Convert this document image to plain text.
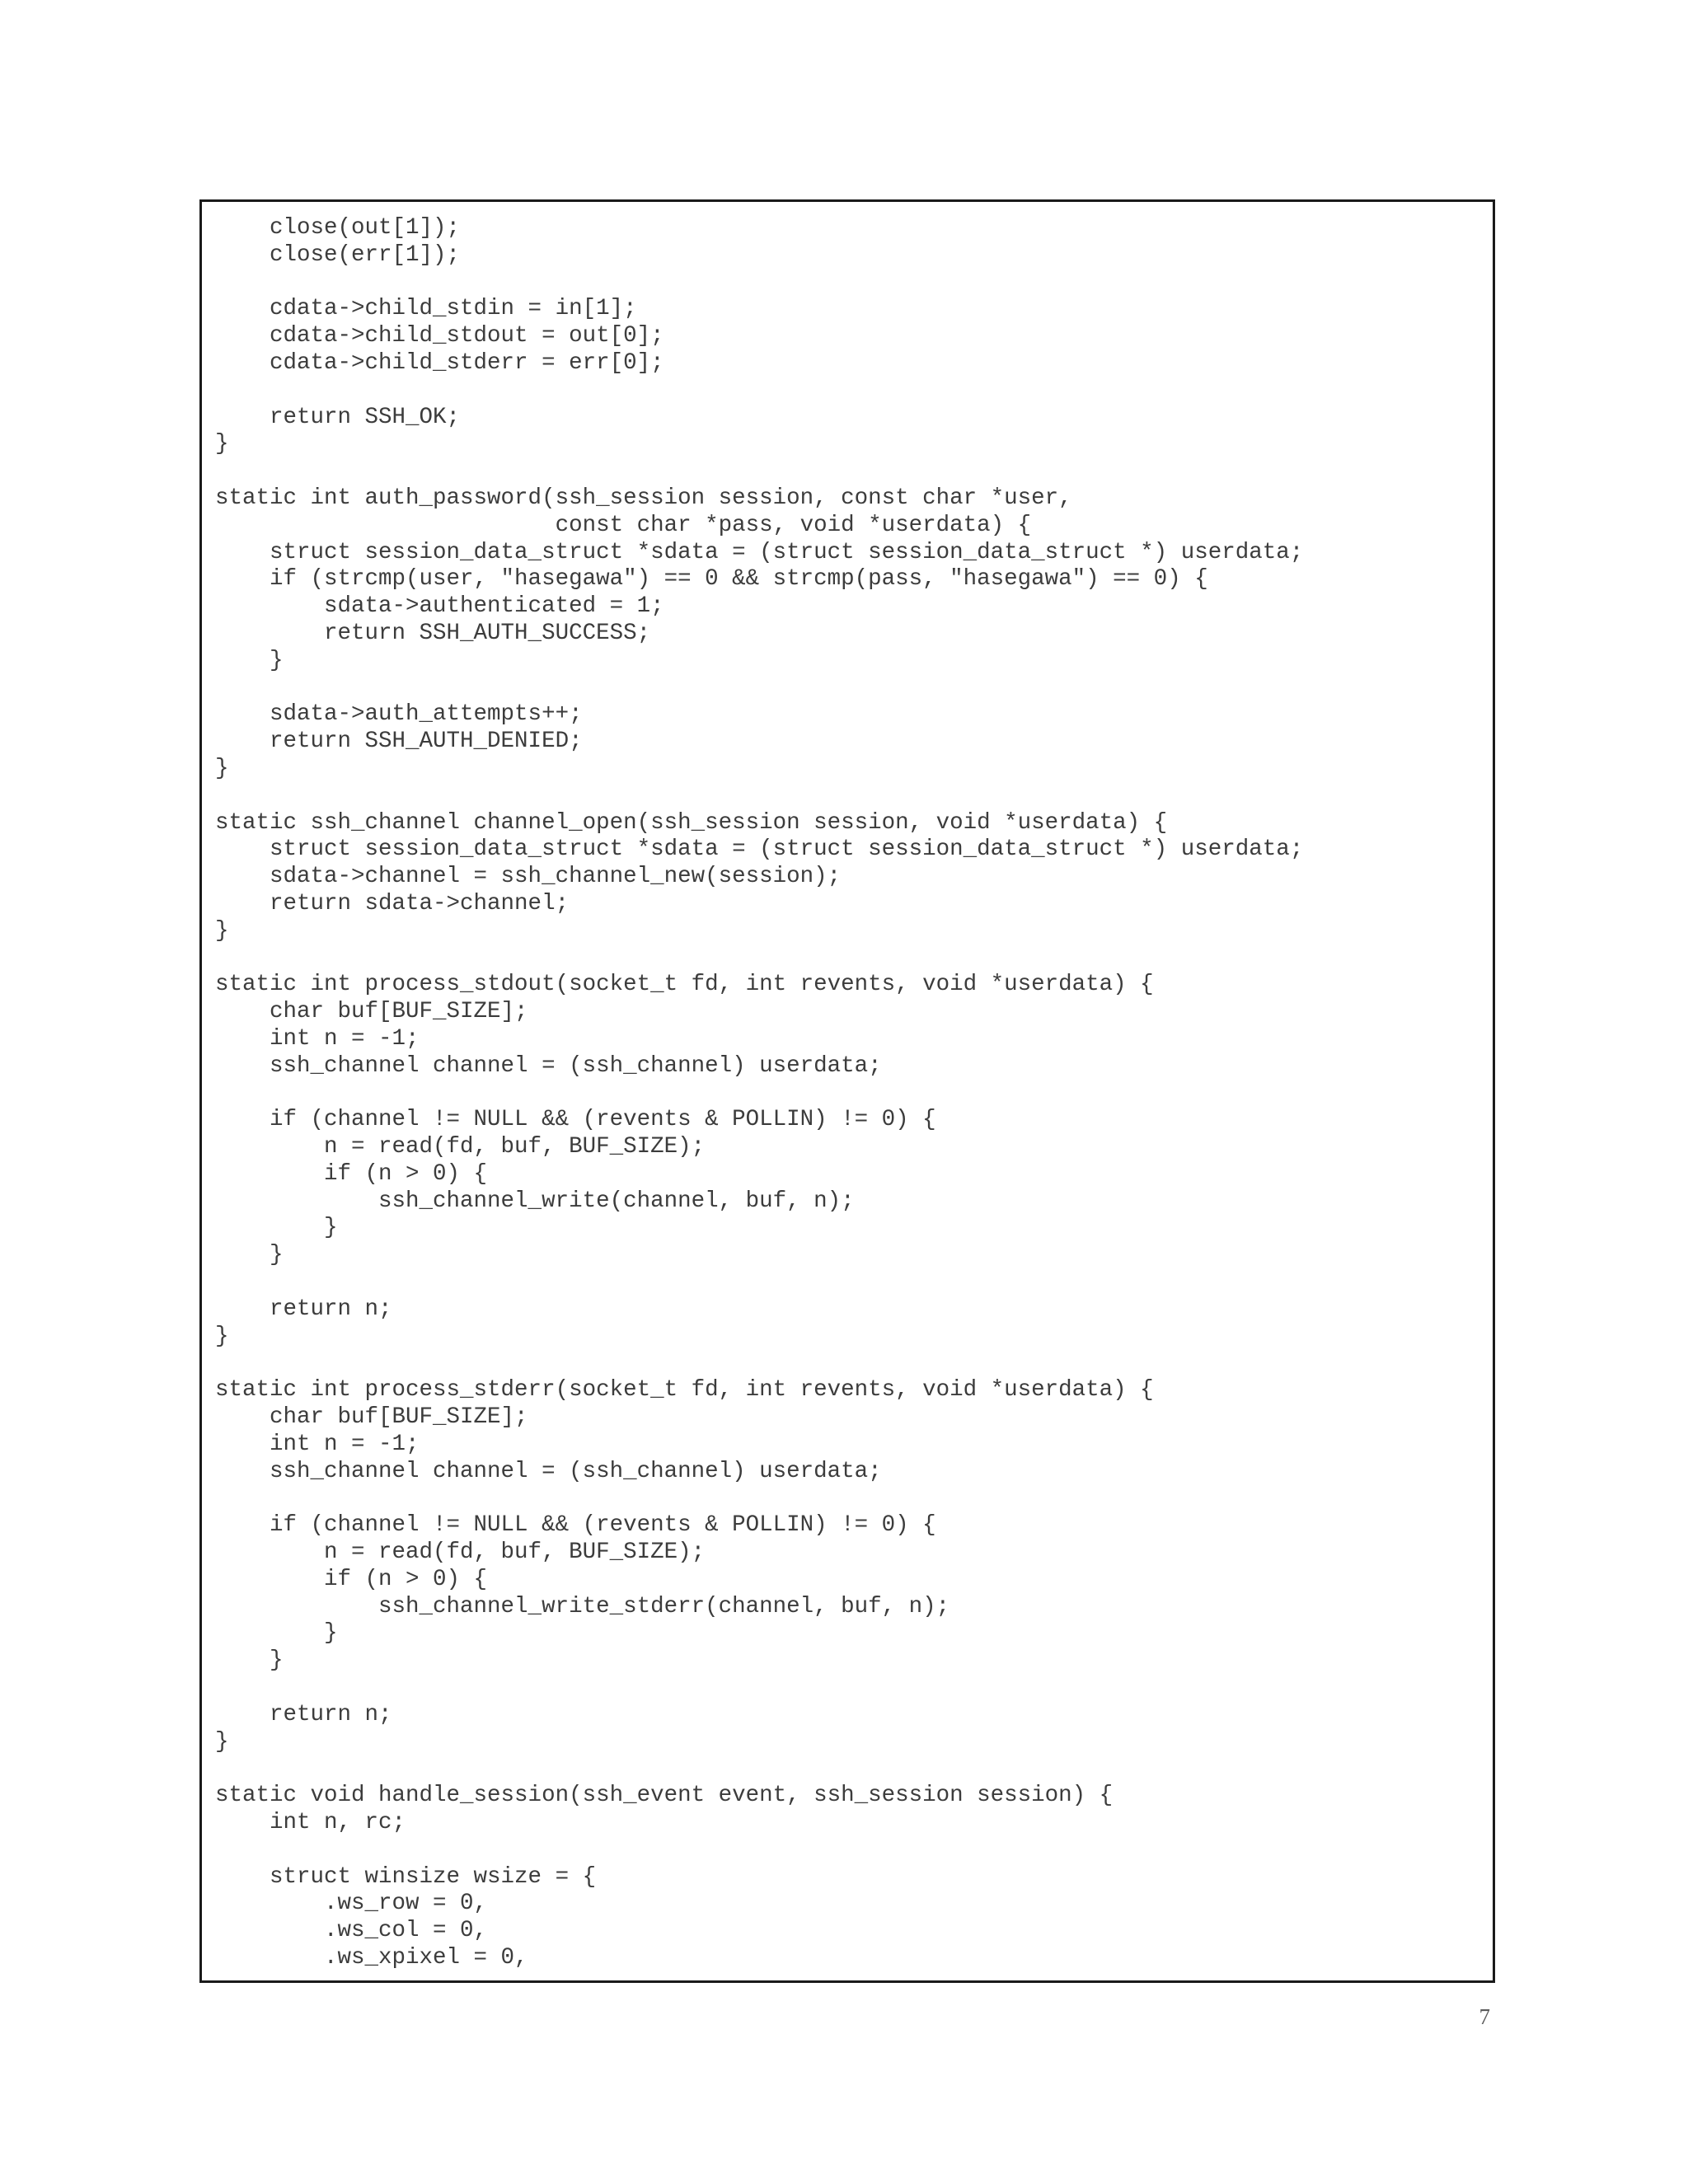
close(out[1]);
close(err[1]);

cdata->child_stdin = in[1];
cdata->child_stdout = out[0];
cdata->child_stderr = err[0];

return SSH_OK;
}

static int auth_password(ssh_session session, const char *user,
const char *pass, void *userdata) {
struct session_data_struct *sdata = (struct session_data_struct *) userdata;
if (strcmp(user, "hasegawa") == 0 && strcmp(pass, "hasegawa") == 0) {
sdata->authenticated = 1;
return SSH_AUTH_SUCCESS;
}

sdata->auth_attempts++;
return SSH_AUTH_DENIED;
}

static ssh_channel channel_open(ssh_session session, void *userdata) {
struct session_data_struct *sdata = (struct session_data_struct *) userdata;
sdata->channel = ssh_channel_new(session);
return sdata->channel;
}

static int process_stdout(socket_t fd, int revents, void *userdata) {
char buf[BUF_SIZE];
int n = -1;
ssh_channel channel = (ssh_channel) userdata;

if (channel != NULL && (revents & POLLIN) != 0) {
n = read(fd, buf, BUF_SIZE);
if (n > 0) {
ssh_channel_write(channel, buf, n);
}
}

return n;
}

static int process_stderr(socket_t fd, int revents, void *userdata) {
char buf[BUF_SIZE];
int n = -1;
ssh_channel channel = (ssh_channel) userdata;

if (channel != NULL && (revents & POLLIN) != 0) {
n = read(fd, buf, BUF_SIZE);
if (n > 0) {
ssh_channel_write_stderr(channel, buf, n);
}
}

return n;
}

static void handle_session(ssh_event event, ssh_session session) {
int n, rc;

struct winsize wsize = {
.ws_row = 0,
.ws_col = 0,
.ws_xpixel = 0,
7
